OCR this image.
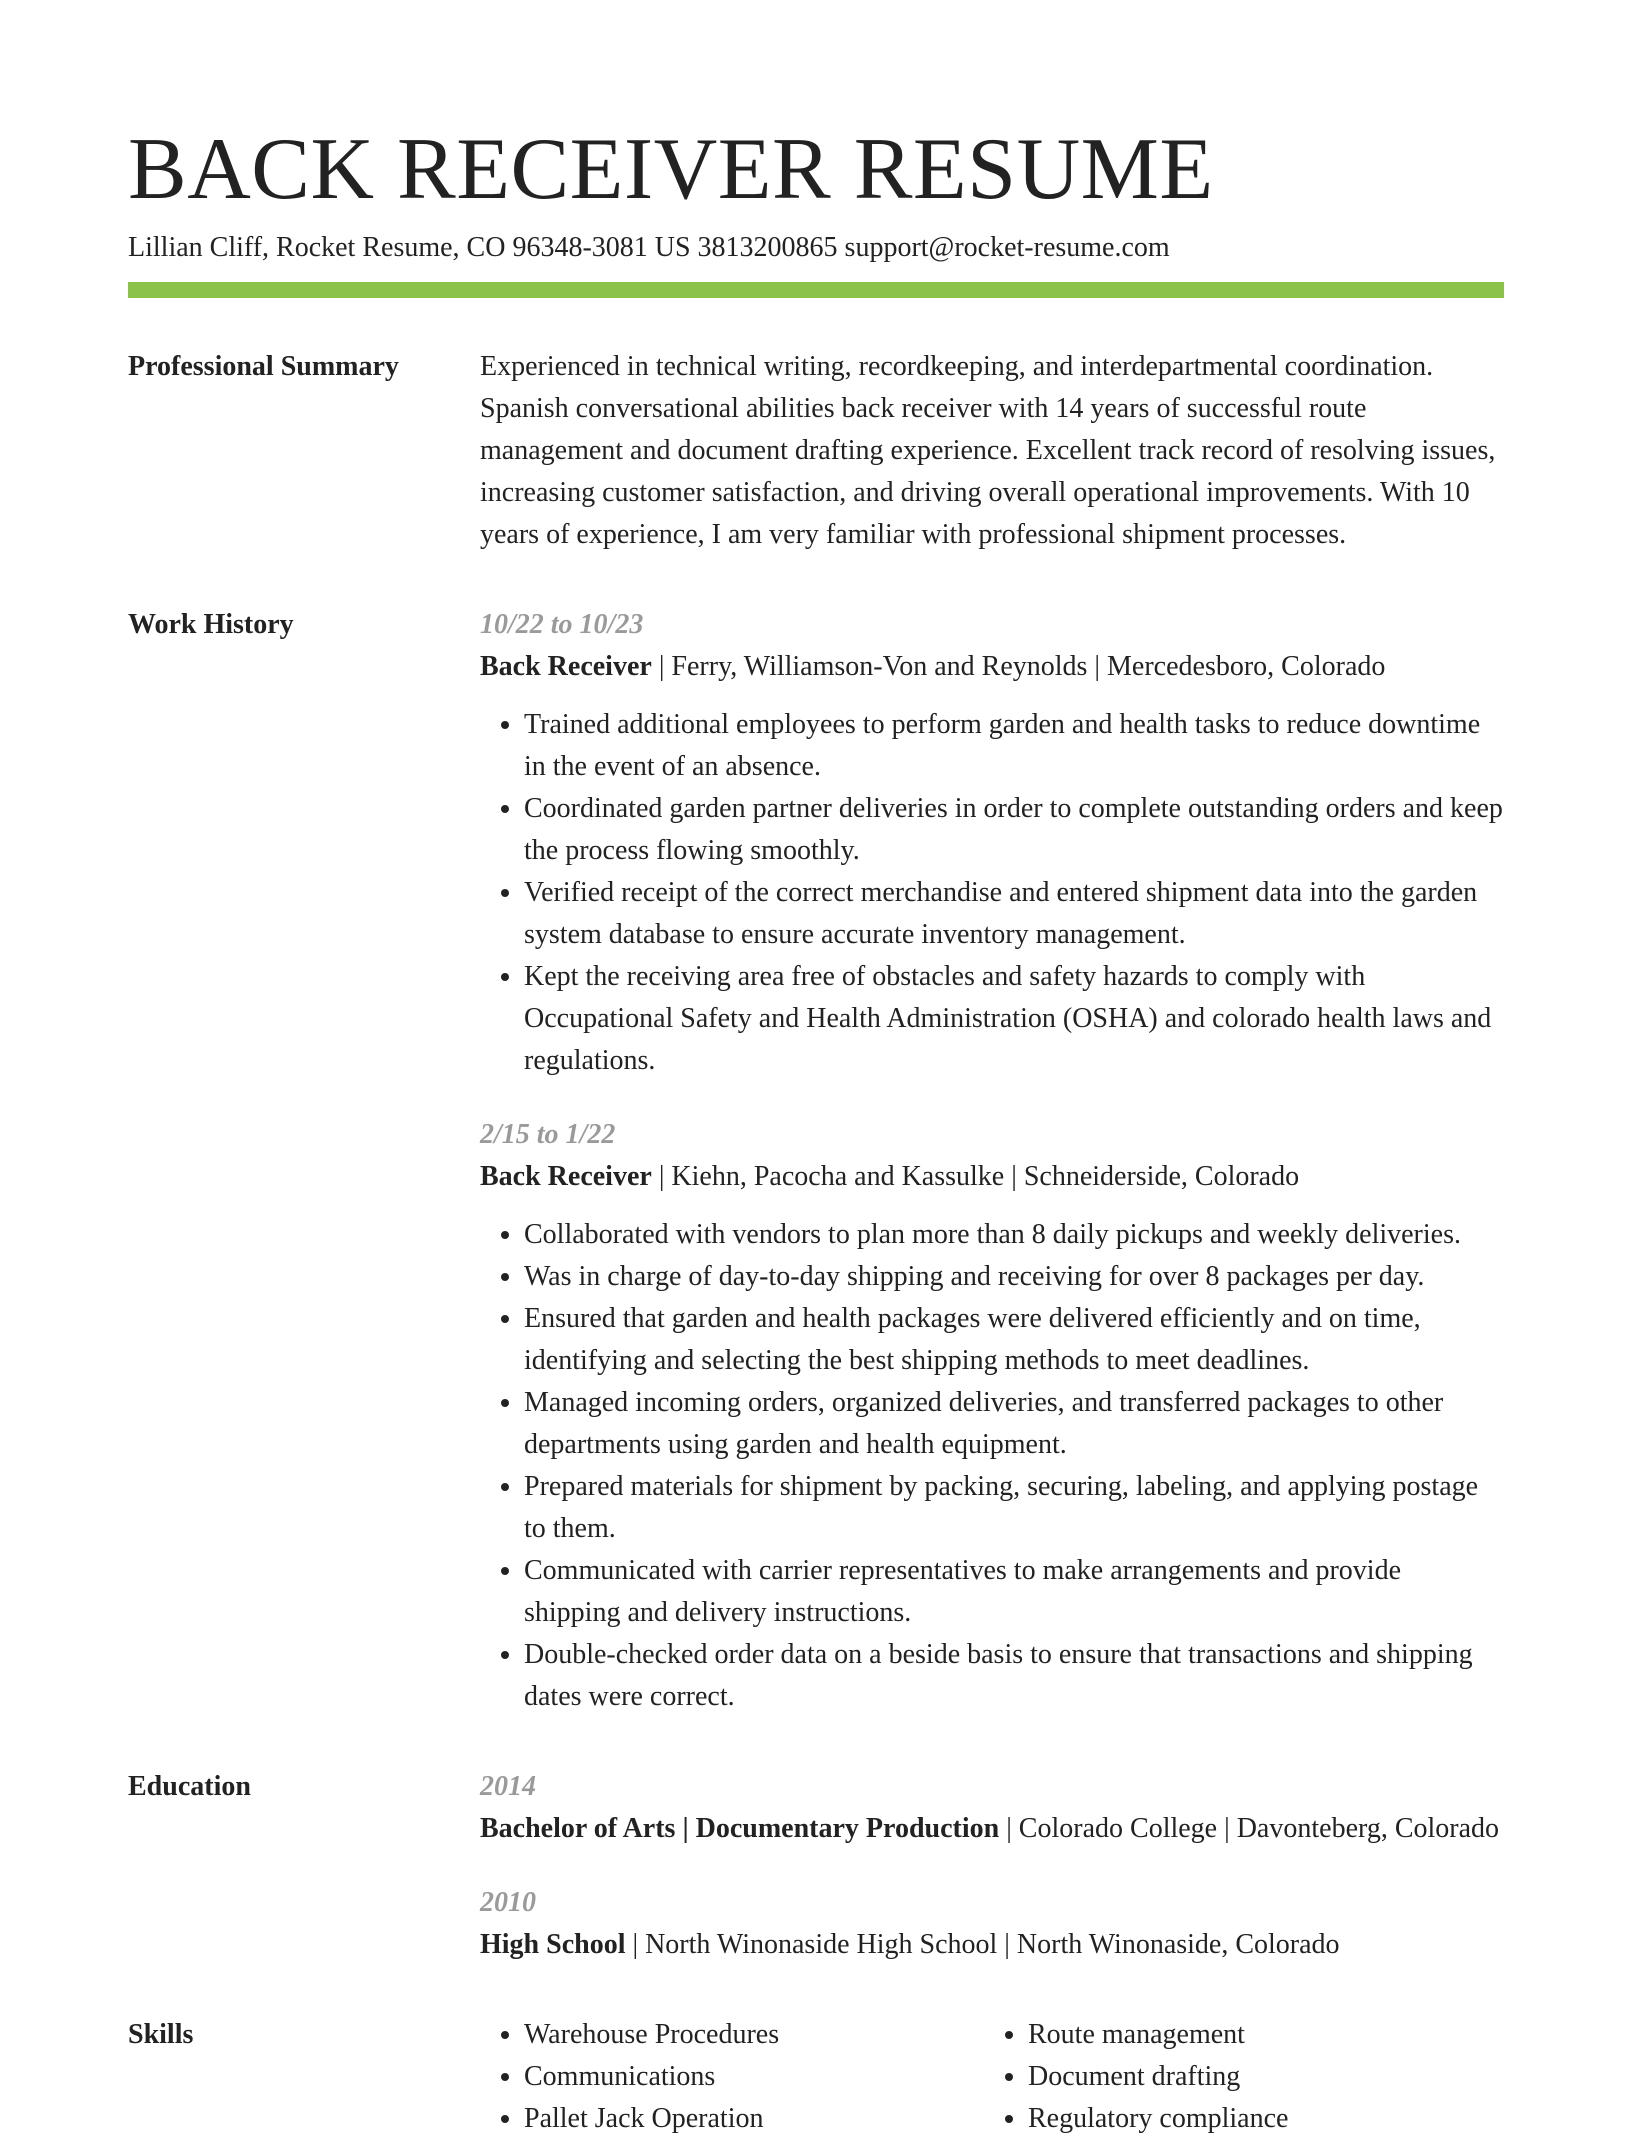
BACK RECEIVER RESUME
Lillian Cliff, Rocket Resume, CO 96348-3081 US 3813200865 support@rocket-resume.com
Professional Summary	Experienced in technical writing, recordkeeping, and interdepartmental coordination. Spanish conversational abilities back receiver with 14 years of successful route management and document drafting experience. Excellent track record of resolving issues, increasing customer satisfaction, and driving overall operational improvements. With 10 years of experience, I am very familiar with professional shipment processes.

Work History	10/22 to 10/23
Back Receiver | Ferry, Williamson-Von and Reynolds | Mercedesboro, Colorado
• Trained additional employees to perform garden and health tasks to reduce downtime in the event of an absence.
• Coordinated garden partner deliveries in order to complete outstanding orders and keep the process flowing smoothly.
• Verified receipt of the correct merchandise and entered shipment data into the garden system database to ensure accurate inventory management.
• Kept the receiving area free of obstacles and safety hazards to comply with Occupational Safety and Health Administration (OSHA) and colorado health laws and regulations.
2/15 to 1/22
Back Receiver | Kiehn, Pacocha and Kassulke | Schneiderside, Colorado
• Collaborated with vendors to plan more than 8 daily pickups and weekly deliveries.
• Was in charge of day-to-day shipping and receiving for over 8 packages per day.
• Ensured that garden and health packages were delivered efficiently and on time, identifying and selecting the best shipping methods to meet deadlines.
• Managed incoming orders, organized deliveries, and transferred packages to other departments using garden and health equipment.
• Prepared materials for shipment by packing, securing, labeling, and applying postage to them.
• Communicated with carrier representatives to make arrangements and provide shipping and delivery instructions.
• Double-checked order data on a beside basis to ensure that transactions and shipping dates were correct.
Education	2014
Bachelor of Arts | Documentary Production | Colorado College | Davonteberg, Colorado
2010
High School | North Winonaside High School | North Winonaside, Colorado
Skills
•	Warehouse Procedures
• Communications
• Pallet Jack Operation
• Route management
• Document drafting
• Regulatory compliance
